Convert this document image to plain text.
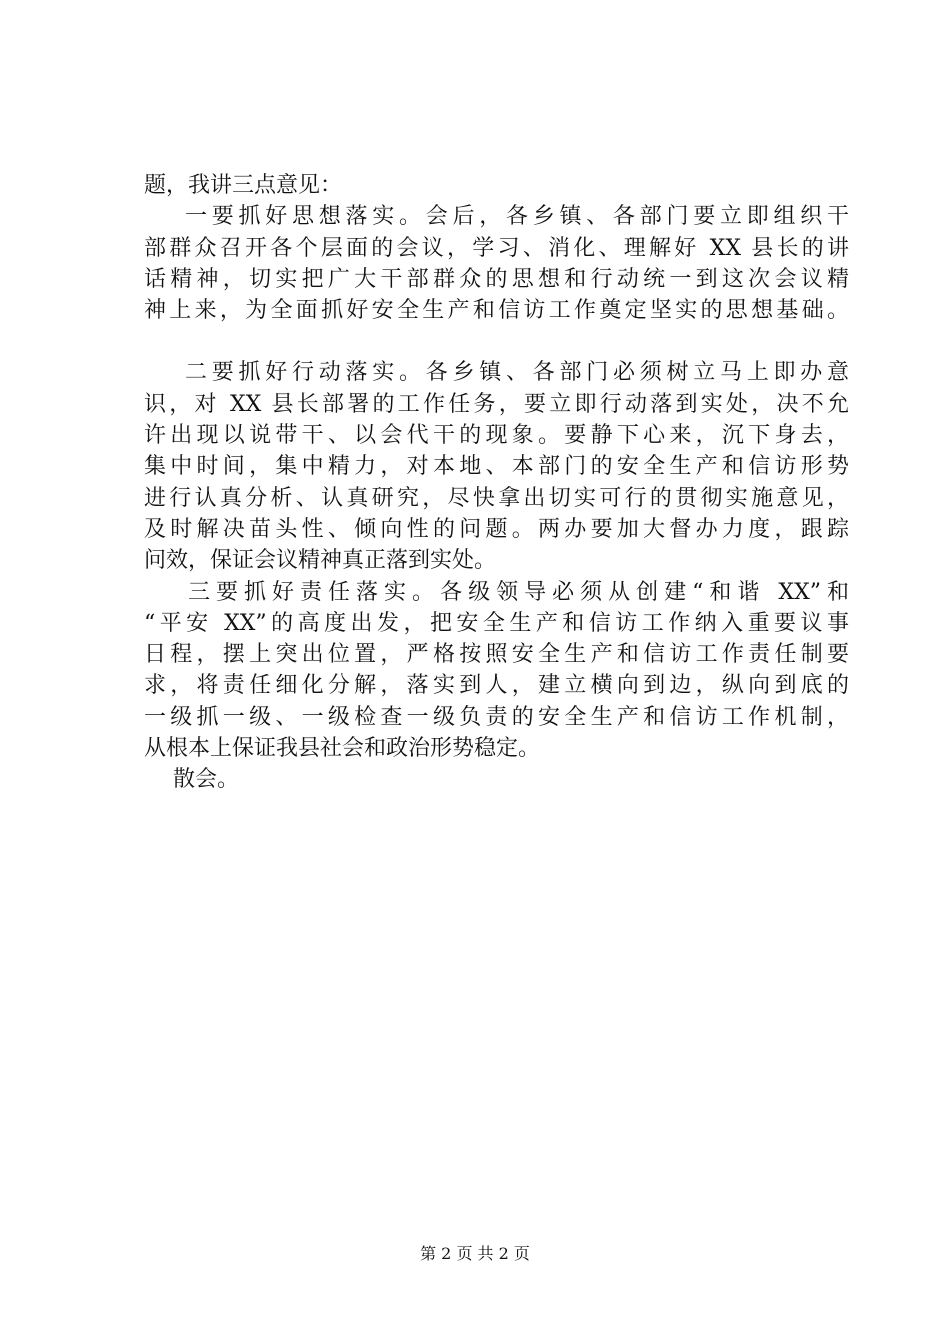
题，我讲三点意见：
一要抓好思想落实。会后，各乡镇、各部门要立即组织干
部群众召开各个层面的会议，学习、消化、理解好 XX 县长的讲
话精神，切实把广大干部群众的思想和行动统一到这次会议精
神上来，为全面抓好安全生产和信访工作奠定坚实的思想基础。
二要抓好行动落实。各乡镇、各部门必须树立马上即办意
识，对 XX 县长部署的工作任务，要立即行动落到实处，决不允
许出现以说带干、以会代干的现象。要静下心来，沉下身去，
集中时间，集中精力，对本地、本部门的安全生产和信访形势
进行认真分析、认真研究，尽快拿出切实可行的贯彻实施意见，
及时解决苗头性、倾向性的问题。两办要加大督办力度，跟踪
问效，保证会议精神真正落到实处。
三要抓好责任落实。各级领导必须从创建“和谐 XX”和
“平安 XX”的高度出发，把安全生产和信访工作纳入重要议事
日程，摆上突出位置，严格按照安全生产和信访工作责任制要
求，将责任细化分解，落实到人，建立横向到边，纵向到底的
一级抓一级、一级检查一级负责的安全生产和信访工作机制，
从根本上保证我县社会和政治形势稳定。
散会。
第 2 页 共 2 页
